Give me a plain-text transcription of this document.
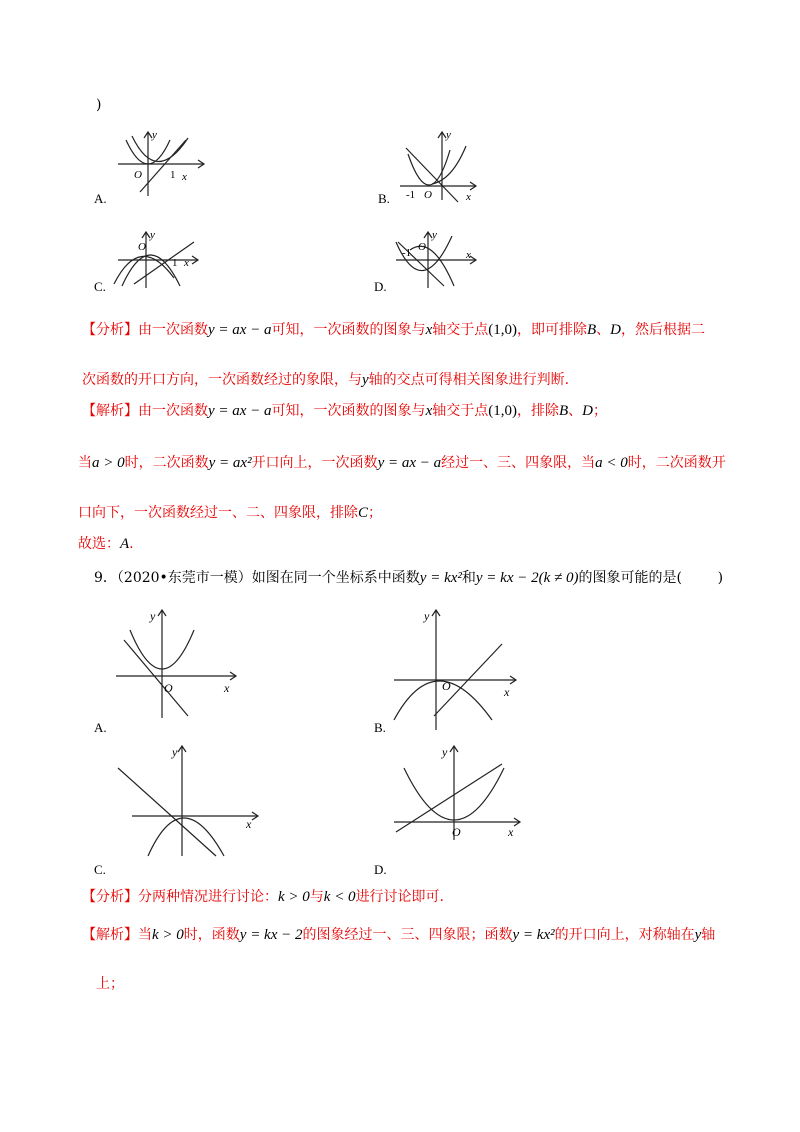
)
y
O	1 x
A.
y
-1 O	x
B.
y
O
1 x
C.
y
O
-1	x
D.
【分析】由一次函数y = ax − a可知，一次函数的图象与x轴交于点(1,0)，即可排除B、D，然后根据二
次函数的开口方向，一次函数经过的象限，与y轴的交点可得相关图象进行判断.
【解析】由一次函数y = ax − a可知，一次函数的图象与x轴交于点(1,0)，排除B、D；
当a > 0时，二次函数y = ax²开口向上，一次函数y = ax − a经过一、三、四象限，当a < 0时，二次函数开
口向下，一次函数经过一、二、四象限，排除C；
故选：A.
9．（2020•东莞市一模）如图在同一个坐标系中函数y = kx²和y = kx − 2(k ≠ 0)的图象可能的是(        )
y
O	x
A.
y
O	x
B.
y
x
C.
y
O	x
D.
【分析】分两种情况进行讨论：k > 0与k < 0进行讨论即可.
【解析】当k > 0时，函数y = kx − 2的图象经过一、三、四象限；函数y = kx²的开口向上，对称轴在y轴
上；
